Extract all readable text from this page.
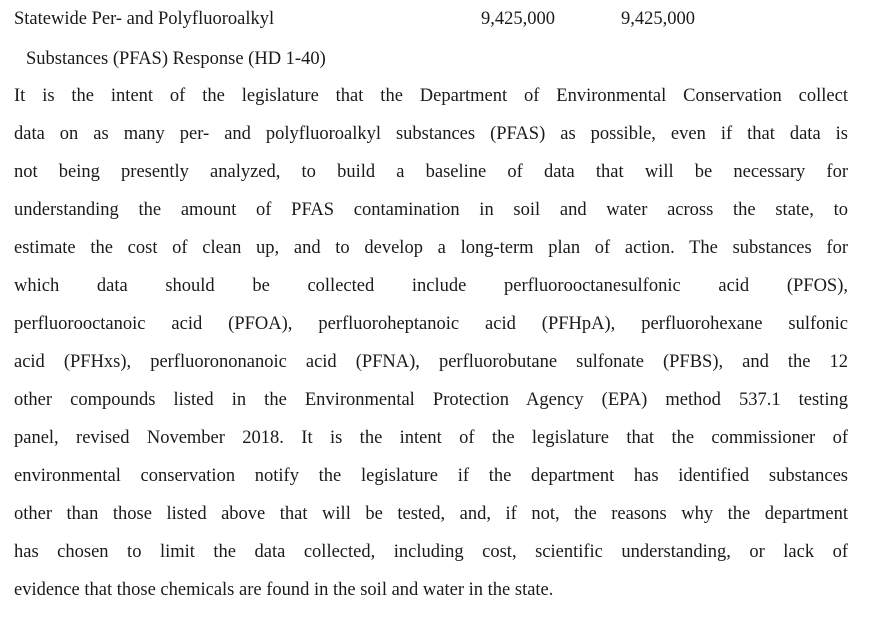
Statewide Per- and Polyfluoroalkyl	9,425,000	9,425,000
Substances (PFAS) Response (HD 1-40)
It is the intent of the legislature that the Department of Environmental Conservation collect
data on as many per- and polyfluoroalkyl substances (PFAS) as possible, even if that data is
not being presently analyzed, to build a baseline of data that will be necessary for
understanding the amount of PFAS contamination in soil and water across the state, to
estimate the cost of clean up, and to develop a long-term plan of action. The substances for
which data should be collected include perfluorooctanesulfonic acid (PFOS),
perfluorooctanoic acid (PFOA), perfluoroheptanoic acid (PFHpA), perfluorohexane sulfonic
acid (PFHxs), perfluorononanoic acid (PFNA), perfluorobutane sulfonate (PFBS), and the 12
other compounds listed in the Environmental Protection Agency (EPA) method 537.1 testing
panel, revised November 2018. It is the intent of the legislature that the commissioner of
environmental conservation notify the legislature if the department has identified substances
other than those listed above that will be tested, and, if not, the reasons why the department
has chosen to limit the data collected, including cost, scientific understanding, or lack of
evidence that those chemicals are found in the soil and water in the state.
